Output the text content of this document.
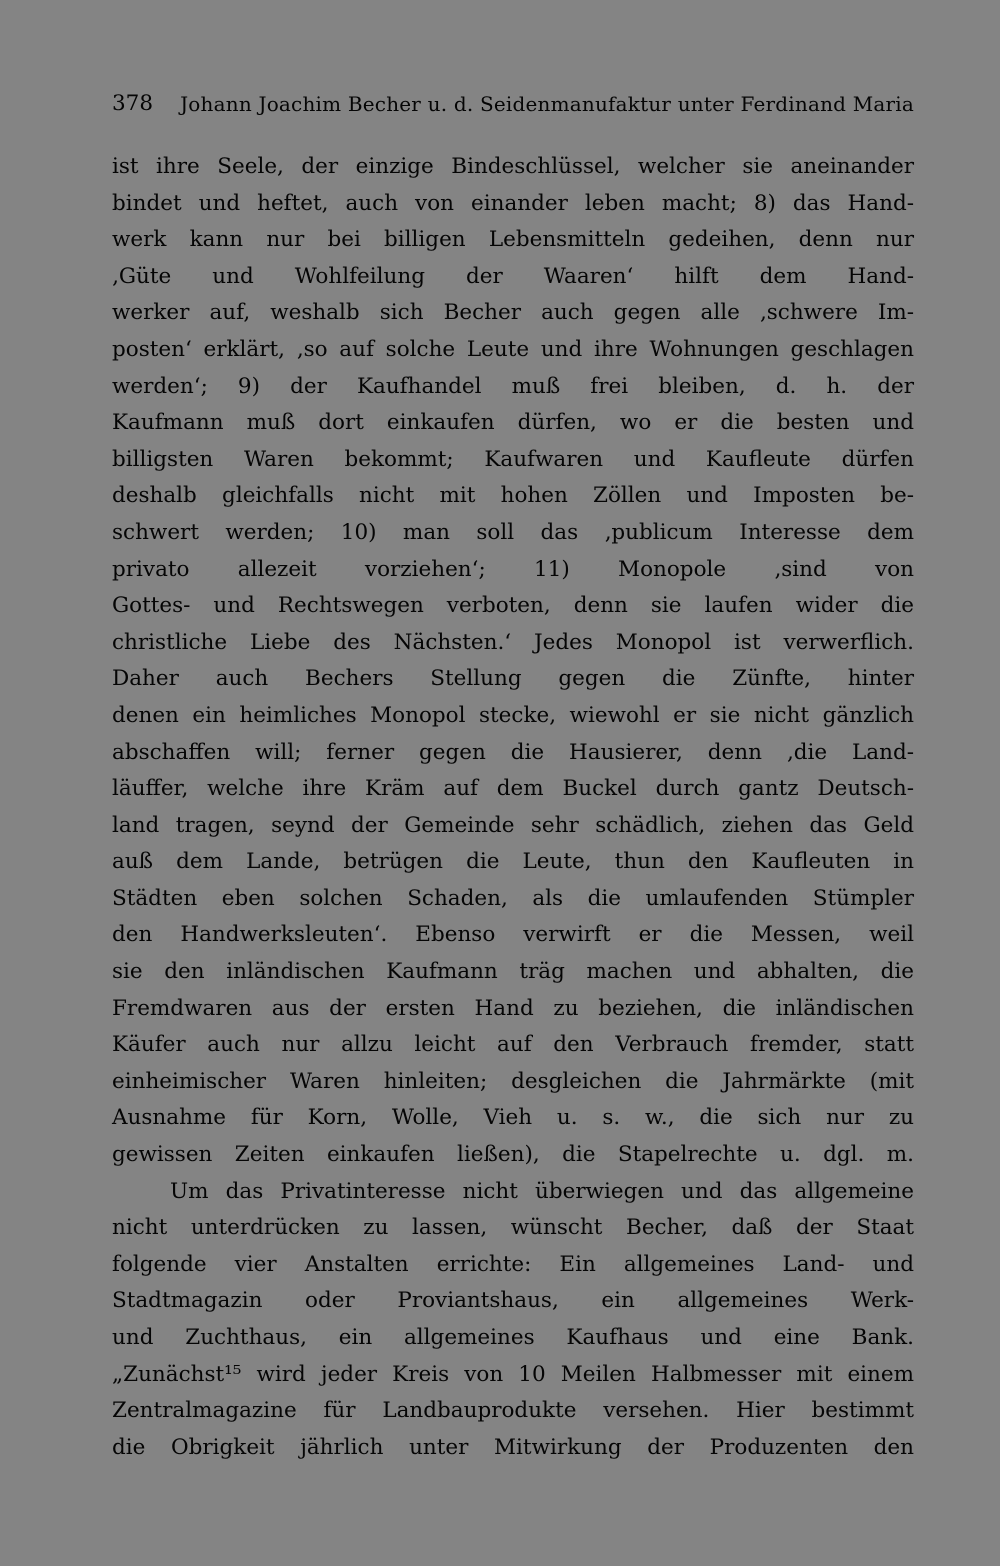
378 Johann Joachim Becher u. d. Seidenmanufaktur unter Ferdinand Maria
ist ihre Seele, der einzige Bindeschlüssel, welcher sie aneinander
bindet und heftet, auch von einander leben macht; 8) das Hand-
werk kann nur bei billigen Lebensmitteln gedeihen, denn nur
‚Güte und Wohlfeilung der Waaren‘ hilft dem Hand-
werker auf, weshalb sich Becher auch gegen alle ‚schwere Im-
posten‘ erklärt, ‚so auf solche Leute und ihre Wohnungen geschlagen
werden‘; 9) der Kaufhandel muß frei bleiben, d. h. der
Kaufmann muß dort einkaufen dürfen, wo er die besten und
billigsten Waren bekommt; Kaufwaren und Kaufleute dürfen
deshalb gleichfalls nicht mit hohen Zöllen und Imposten be-
schwert werden; 10) man soll das ‚publicum Interesse dem
privato allezeit vorziehen‘; 11) Monopole ‚sind von
Gottes- und Rechtswegen verboten, denn sie laufen wider die
christliche Liebe des Nächsten.‘ Jedes Monopol ist verwerflich.
Daher auch Bechers Stellung gegen die Zünfte, hinter
denen ein heimliches Monopol stecke, wiewohl er sie nicht gänzlich
abschaffen will; ferner gegen die Hausierer, denn ‚die Land-
läuffer, welche ihre Kräm auf dem Buckel durch gantz Deutsch-
land tragen, seynd der Gemeinde sehr schädlich, ziehen das Geld
auß dem Lande, betrügen die Leute, thun den Kaufleuten in
Städten eben solchen Schaden, als die umlaufenden Stümpler
den Handwerksleuten‘. Ebenso verwirft er die Messen, weil
sie den inländischen Kaufmann träg machen und abhalten, die
Fremdwaren aus der ersten Hand zu beziehen, die inländischen
Käufer auch nur allzu leicht auf den Verbrauch fremder, statt
einheimischer Waren hinleiten; desgleichen die Jahrmärkte (mit
Ausnahme für Korn, Wolle, Vieh u. s. w., die sich nur zu
gewissen Zeiten einkaufen ließen), die Stapelrechte u. dgl. m.
Um das Privatinteresse nicht überwiegen und das allgemeine
nicht unterdrücken zu lassen, wünscht Becher, daß der Staat
folgende vier Anstalten errichte: Ein allgemeines Land- und
Stadtmagazin oder Proviantshaus, ein allgemeines Werk-
und Zuchthaus, ein allgemeines Kaufhaus und eine Bank.
„Zunächst¹⁵ wird jeder Kreis von 10 Meilen Halbmesser mit einem
Zentralmagazine für Landbauprodukte versehen. Hier bestimmt
die Obrigkeit jährlich unter Mitwirkung der Produzenten den
